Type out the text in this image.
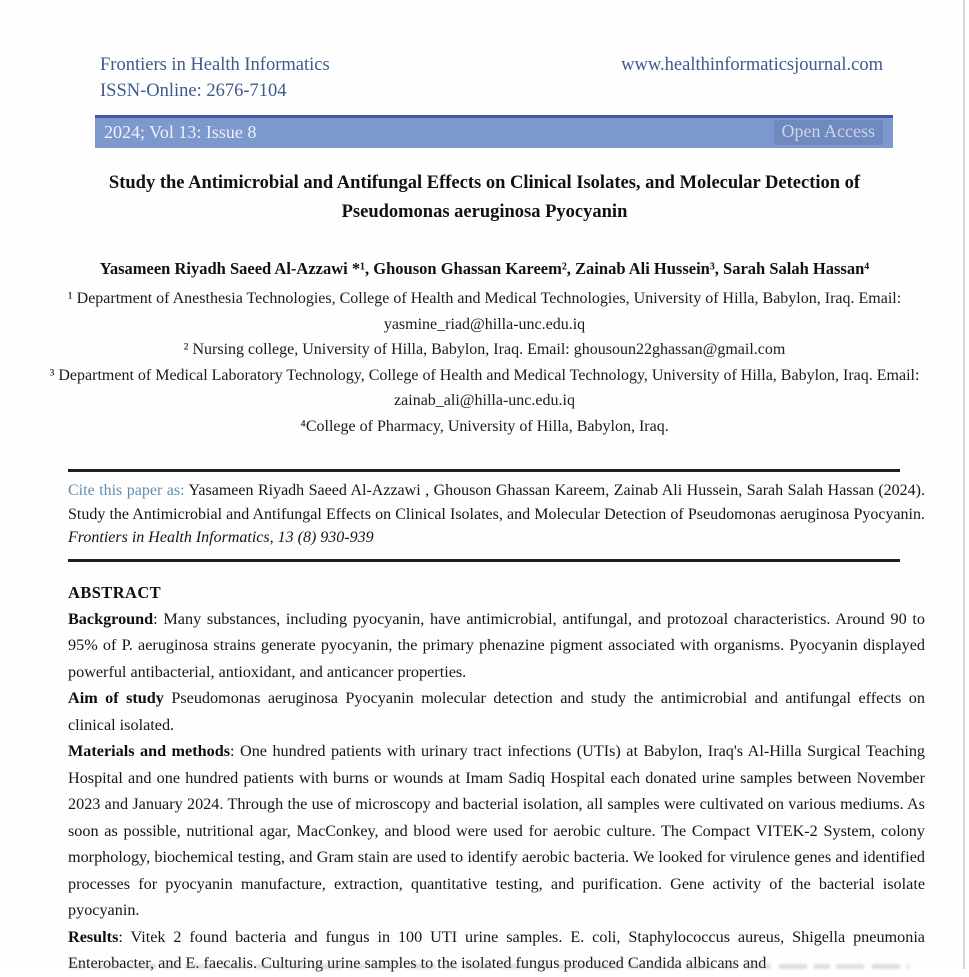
Frontiers in Health Informatics
ISSN-Online: 2676-7104
www.healthinformaticsjournal.com
2024; Vol 13: Issue 8	Open Access
Study the Antimicrobial and Antifungal Effects on Clinical Isolates, and Molecular Detection of Pseudomonas aeruginosa Pyocyanin
Yasameen Riyadh Saeed Al-Azzawi *¹, Ghouson Ghassan Kareem², Zainab Ali Hussein³, Sarah Salah Hassan⁴

¹ Department of Anesthesia Technologies, College of Health and Medical Technologies, University of Hilla, Babylon, Iraq. Email: yasmine_riad@hilla-unc.edu.iq

² Nursing college, University of Hilla, Babylon, Iraq. Email: ghousoun22ghassan@gmail.com

³ Department of Medical Laboratory Technology, College of Health and Medical Technology, University of Hilla, Babylon, Iraq. Email: zainab_ali@hilla-unc.edu.iq

⁴College of Pharmacy, University of Hilla, Babylon, Iraq.

Cite this paper as: Yasameen Riyadh Saeed Al-Azzawi , Ghouson Ghassan Kareem, Zainab Ali Hussein, Sarah Salah Hassan (2024). Study the Antimicrobial and Antifungal Effects on Clinical Isolates, and Molecular Detection of Pseudomonas aeruginosa Pyocyanin. Frontiers in Health Informatics, 13 (8) 930-939

ABSTRACT

Background: Many substances, including pyocyanin, have antimicrobial, antifungal, and protozoal characteristics. Around 90 to 95% of P. aeruginosa strains generate pyocyanin, the primary phenazine pigment associated with organisms. Pyocyanin displayed powerful antibacterial, antioxidant, and anticancer properties.

Aim of study Pseudomonas aeruginosa Pyocyanin molecular detection and study the antimicrobial and antifungal effects on clinical isolated.

Materials and methods: One hundred patients with urinary tract infections (UTIs) at Babylon, Iraq's Al-Hilla Surgical Teaching Hospital and one hundred patients with burns or wounds at Imam Sadiq Hospital each donated urine samples between November 2023 and January 2024. Through the use of microscopy and bacterial isolation, all samples were cultivated on various mediums. As soon as possible, nutritional agar, MacConkey, and blood were used for aerobic culture. The Compact VITEK-2 System, colony morphology, biochemical testing, and Gram stain are used to identify aerobic bacteria. We looked for virulence genes and identified processes for pyocyanin manufacture, extraction, quantitative testing, and purification. Gene activity of the bacterial isolate pyocyanin.

Results: Vitek 2 found bacteria and fungus in 100 UTI urine samples. E. coli, Staphylococcus aureus, Shigella pneumonia Enterobacter, and E. faecalis. Culturing urine samples to the isolated fungus produced Candida albicans and
